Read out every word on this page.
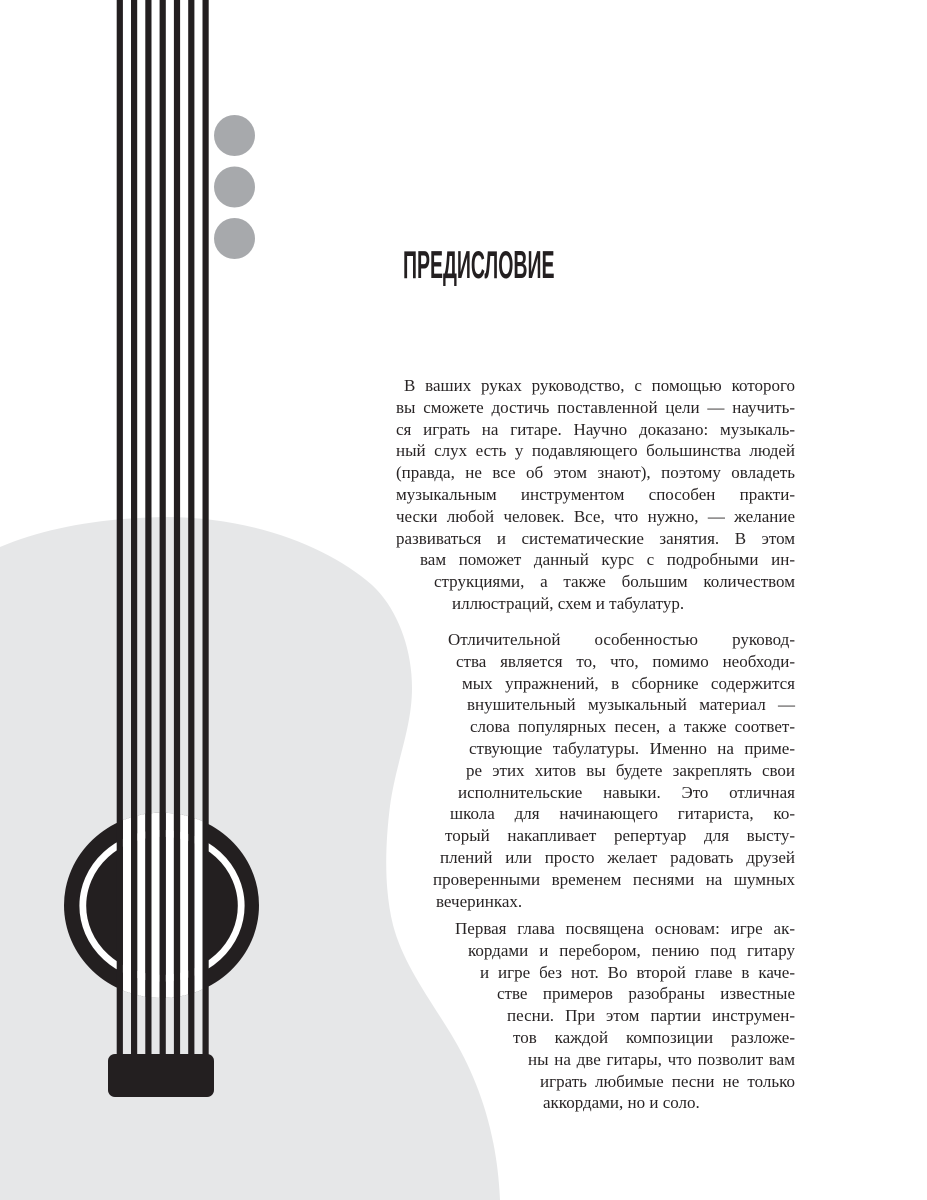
ПРЕДИСЛОВИЕ
В ваших руках руководство, с помощью которого
вы сможете достичь поставленной цели — научить-
ся играть на гитаре. Научно доказано: музыкаль-
ный слух есть у подавляющего большинства людей
(правда, не все об этом знают), поэтому овладеть
музыкальным инструментом способен практи-
чески любой человек. Все, что нужно, — желание
развиваться и систематические занятия. В этом
вам поможет данный курс с подробными ин-
струкциями, а также большим количеством
иллюстраций, схем и табулатур.
Отличительной особенностью руковод-
ства является то, что, помимо необходи-
мых упражнений, в сборнике содержится
внушительный музыкальный материал —
слова популярных песен, а также соответ-
ствующие табулатуры. Именно на приме-
ре этих хитов вы будете закреплять свои
исполнительские навыки. Это отличная
школа для начинающего гитариста, ко-
торый накапливает репертуар для высту-
плений или просто желает радовать друзей
проверенными временем песнями на шумных
вечеринках.
Первая глава посвящена основам: игре ак-
кордами и перебором, пению под гитару
и игре без нот. Во второй главе в каче-
стве примеров разобраны известные
песни. При этом партии инструмен-
тов каждой композиции разложе-
ны на две гитары, что позволит вам
играть любимые песни не только
аккордами, но и соло.
